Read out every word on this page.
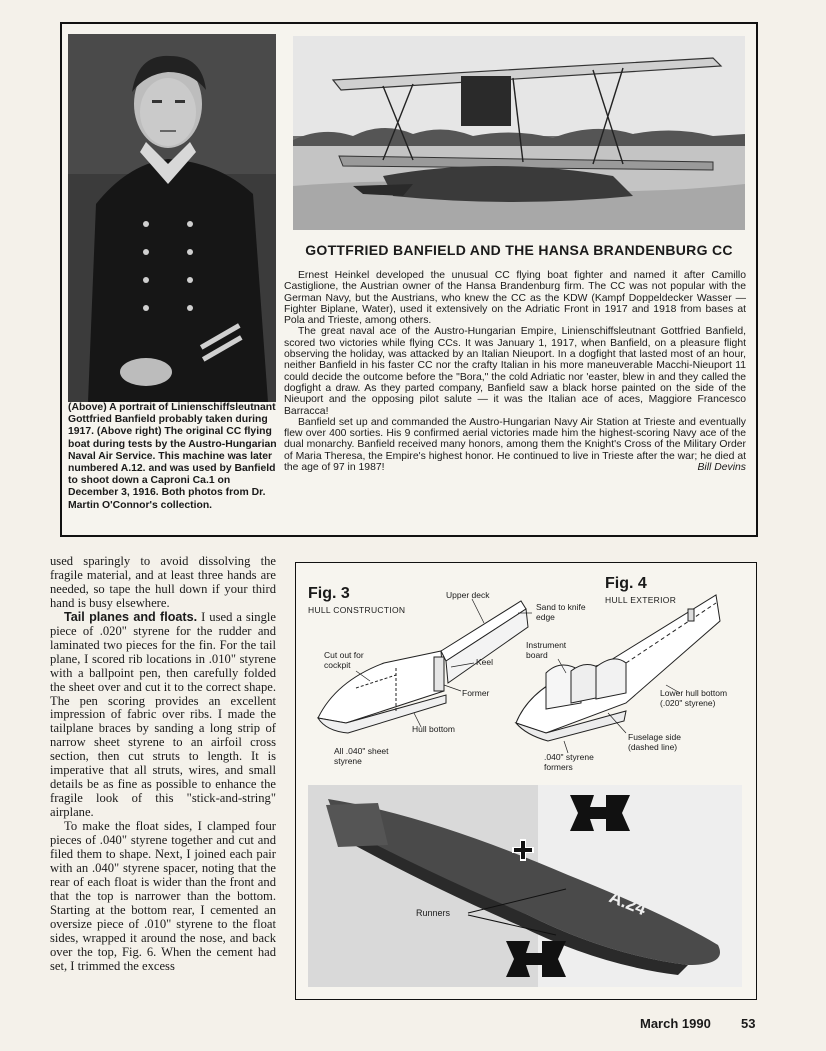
GOTTFRIED BANFIELD AND THE HANSA BRANDENBURG CC

Ernest Heinkel developed the unusual CC flying boat fighter and named it after Camillo Castiglione, the Austrian owner of the Hansa Brandenburg firm. The CC was not popular with the German Navy, but the Austrians, who knew the CC as the KDW (Kampf Doppeldecker Wasser — Fighter Biplane, Water), used it extensively on the Adriatic Front in 1917 and 1918 from bases at Pola and Trieste, among others.

The great naval ace of the Austro-Hungarian Empire, Linienschiffsleutnant Gottfried Banfield, scored two victories while flying CCs. It was January 1, 1917, when Banfield, on a pleasure flight observing the holiday, was attacked by an Italian Nieuport. In a dogfight that lasted most of an hour, neither Banfield in his faster CC nor the crafty Italian in his more maneuverable Macchi-Nieuport 11 could decide the outcome before the "Bora," the cold Adriatic nor 'easter, blew in and they called the dogfight a draw. As they parted company, Banfield saw a black horse painted on the side of the Nieuport and the opposing pilot salute — it was the Italian ace of aces, Maggiore Francesco Barracca!

Banfield set up and commanded the Austro-Hungarian Navy Air Station at Trieste and eventually flew over 400 sorties. His 9 confirmed aerial victories made him the highest-scoring Navy ace of the dual monarchy. Banfield received many honors, among them the Knight's Cross of the Military Order of Maria Theresa, the Empire's highest honor. He continued to live in Trieste after the war; he died at the age of 97 in 1987!	Bill Devins
(Above) A portrait of Linienschiffsleutnant Gottfried Banfield probably taken during 1917. (Above right) The original CC flying boat during tests by the Austro-Hungarian Naval Air Service. This machine was later numbered A.12. and was used by Banfield to shoot down a Caproni Ca.1 on December 3, 1916. Both photos from Dr. Martin O'Connor's collection.

used sparingly to avoid dissolving the fragile material, and at least three hands are needed, so tape the hull down if your third hand is busy elsewhere.

Tail planes and floats. I used a single piece of .020" styrene for the rudder and laminated two pieces for the fin. For the tail plane, I scored rib locations in .010" styrene with a ballpoint pen, then carefully folded the sheet over and cut it to the correct shape. The pen scoring provides an excellent impression of fabric over ribs. I made the tailplane braces by sanding a long strip of narrow sheet styrene to an airfoil cross section, then cut struts to length. It is imperative that all struts, wires, and small details be as fine as possible to enhance the fragile look of this "stick-and-string" airplane.

To make the float sides, I clamped four pieces of .040" styrene together and cut and filed them to shape. Next, I joined each pair with an .040" styrene spacer, noting that the rear of each float is wider than the front and that the top is narrower than the bottom. Starting at the bottom rear, I cemented an oversize piece of .010" styrene to the float sides, wrapped it around the nose, and back over the top, Fig. 6. When the cement had set, I trimmed the excess

Fig. 3
HULL CONSTRUCTION
Fig. 4
HULL EXTERIOR
Upper deck
Sand to knife edge
Cut out for cockpit	Keel
Former
Hull bottom
All .040" sheet styrene
Instrument board
Lower hull bottom (.020" styrene)
Fuselage side (dashed line)
.040" styrene formers
A.24
Runners
March 1990 53
